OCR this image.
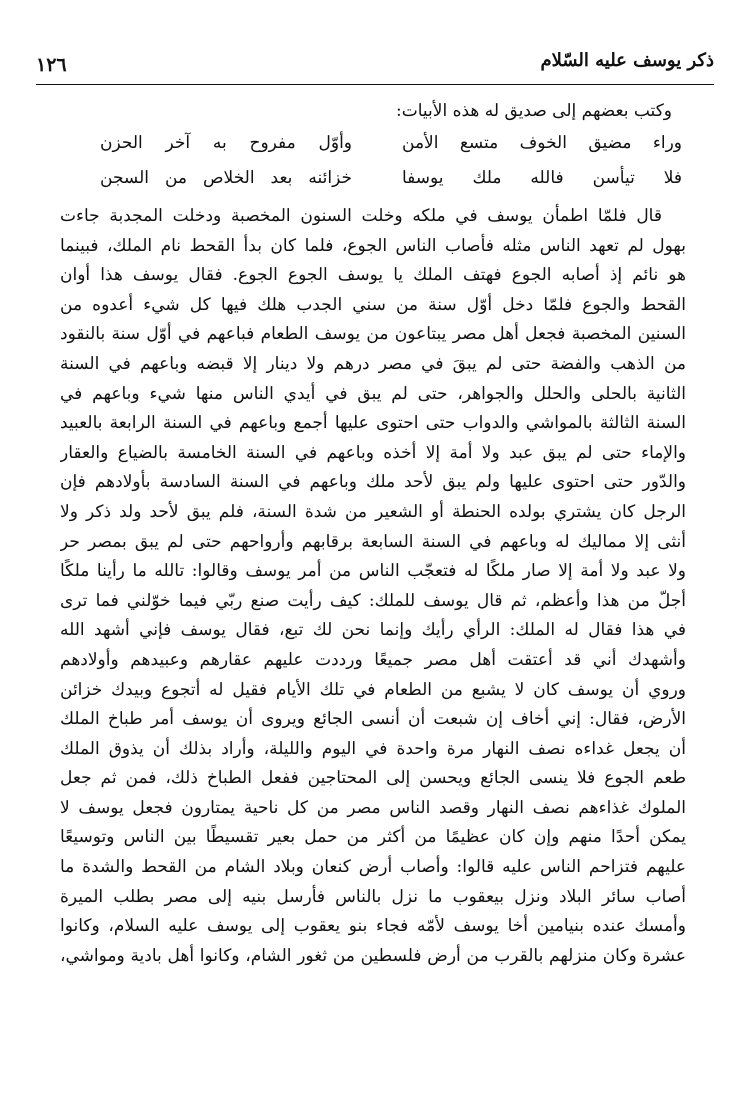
١٢٦	ذكر يوسف عليه السّلام
وكتب بعضهم إلى صديق له هذه الأبيات:
وراء مضيق الخوف متسع الأمن
وأوّل مفروح به آخر الحزن
فلا تيأسن فالله ملك يوسفا
خزائنه بعد الخلاص من السجن
قال فلمّا اطمأن يوسف في ملكه وخلت السنون المخصبة ودخلت المجدبة جاءت
بهول لم تعهد الناس مثله فأصاب الناس الجوع، فلما كان بدأ القحط نام الملك، فبينما
هو نائم إذ أصابه الجوع فهتف الملك يا يوسف الجوع الجوع. فقال يوسف هذا أوان
القحط والجوع فلمّا دخل أوّل سنة من سني الجدب هلك فيها كل شيء أعدوه من
السنين المخصبة فجعل أهل مصر يبتاعون من يوسف الطعام فباعهم في أوّل سنة بالنقود
من الذهب والفضة حتى لم يبقَ في مصر درهم ولا دينار إلا قبضه وباعهم في السنة
الثانية بالحلى والحلل والجواهر، حتى لم يبق في أيدي الناس منها شيء وباعهم في
السنة الثالثة بالمواشي والدواب حتى احتوى عليها أجمع وباعهم في السنة الرابعة بالعبيد
والإماء حتى لم يبق عبد ولا أمة إلا أخذه وباعهم في السنة الخامسة بالضياع والعقار
والدّور حتى احتوى عليها ولم يبق لأحد ملك وباعهم في السنة السادسة بأولادهم فإن
الرجل كان يشتري بولده الحنطة أو الشعير من شدة السنة، فلم يبق لأحد ولد ذكر ولا
أنثى إلا مماليك له وباعهم في السنة السابعة برقابهم وأرواحهم حتى لم يبق بمصر حر
ولا عبد ولا أمة إلا صار ملكًا له فتعجّب الناس من أمر يوسف وقالوا: تالله ما رأينا ملكًا
أجلّ من هذا وأعظم، ثم قال يوسف للملك: كيف رأيت صنع ربّي فيما خوّلني فما ترى
في هذا فقال له الملك: الرأي رأيك وإنما نحن لك تبع، فقال يوسف فإني أشهد الله
وأشهدك أني قد أعتقت أهل مصر جميعًا ورددت عليهم عقارهم وعبيدهم وأولادهم
وروي أن يوسف كان لا يشبع من الطعام في تلك الأيام فقيل له أتجوع وبيدك خزائن
الأرض، فقال: إني أخاف إن شبعت أن أنسى الجائع ويروى أن يوسف أمر طباخ الملك
أن يجعل غداءه نصف النهار مرة واحدة في اليوم والليلة، وأراد بذلك أن يذوق الملك
طعم الجوع فلا ينسى الجائع ويحسن إلى المحتاجين ففعل الطباخ ذلك، فمن ثم جعل
الملوك غذاءهم نصف النهار وقصد الناس مصر من كل ناحية يمتارون فجعل يوسف لا
يمكن أحدًا منهم وإن كان عظيمًا من أكثر من حمل بعير تقسيطًا بين الناس وتوسيعًا
عليهم فتزاحم الناس عليه قالوا: وأصاب أرض كنعان وبلاد الشام من القحط والشدة ما
أصاب سائر البلاد ونزل بيعقوب ما نزل بالناس فأرسل بنيه إلى مصر بطلب الميرة
وأمسك عنده بنيامين أخا يوسف لأمّه فجاء بنو يعقوب إلى يوسف عليه السلام، وكانوا
عشرة وكان منزلهم بالقرب من أرض فلسطين من ثغور الشام، وكانوا أهل بادية ومواشي،
